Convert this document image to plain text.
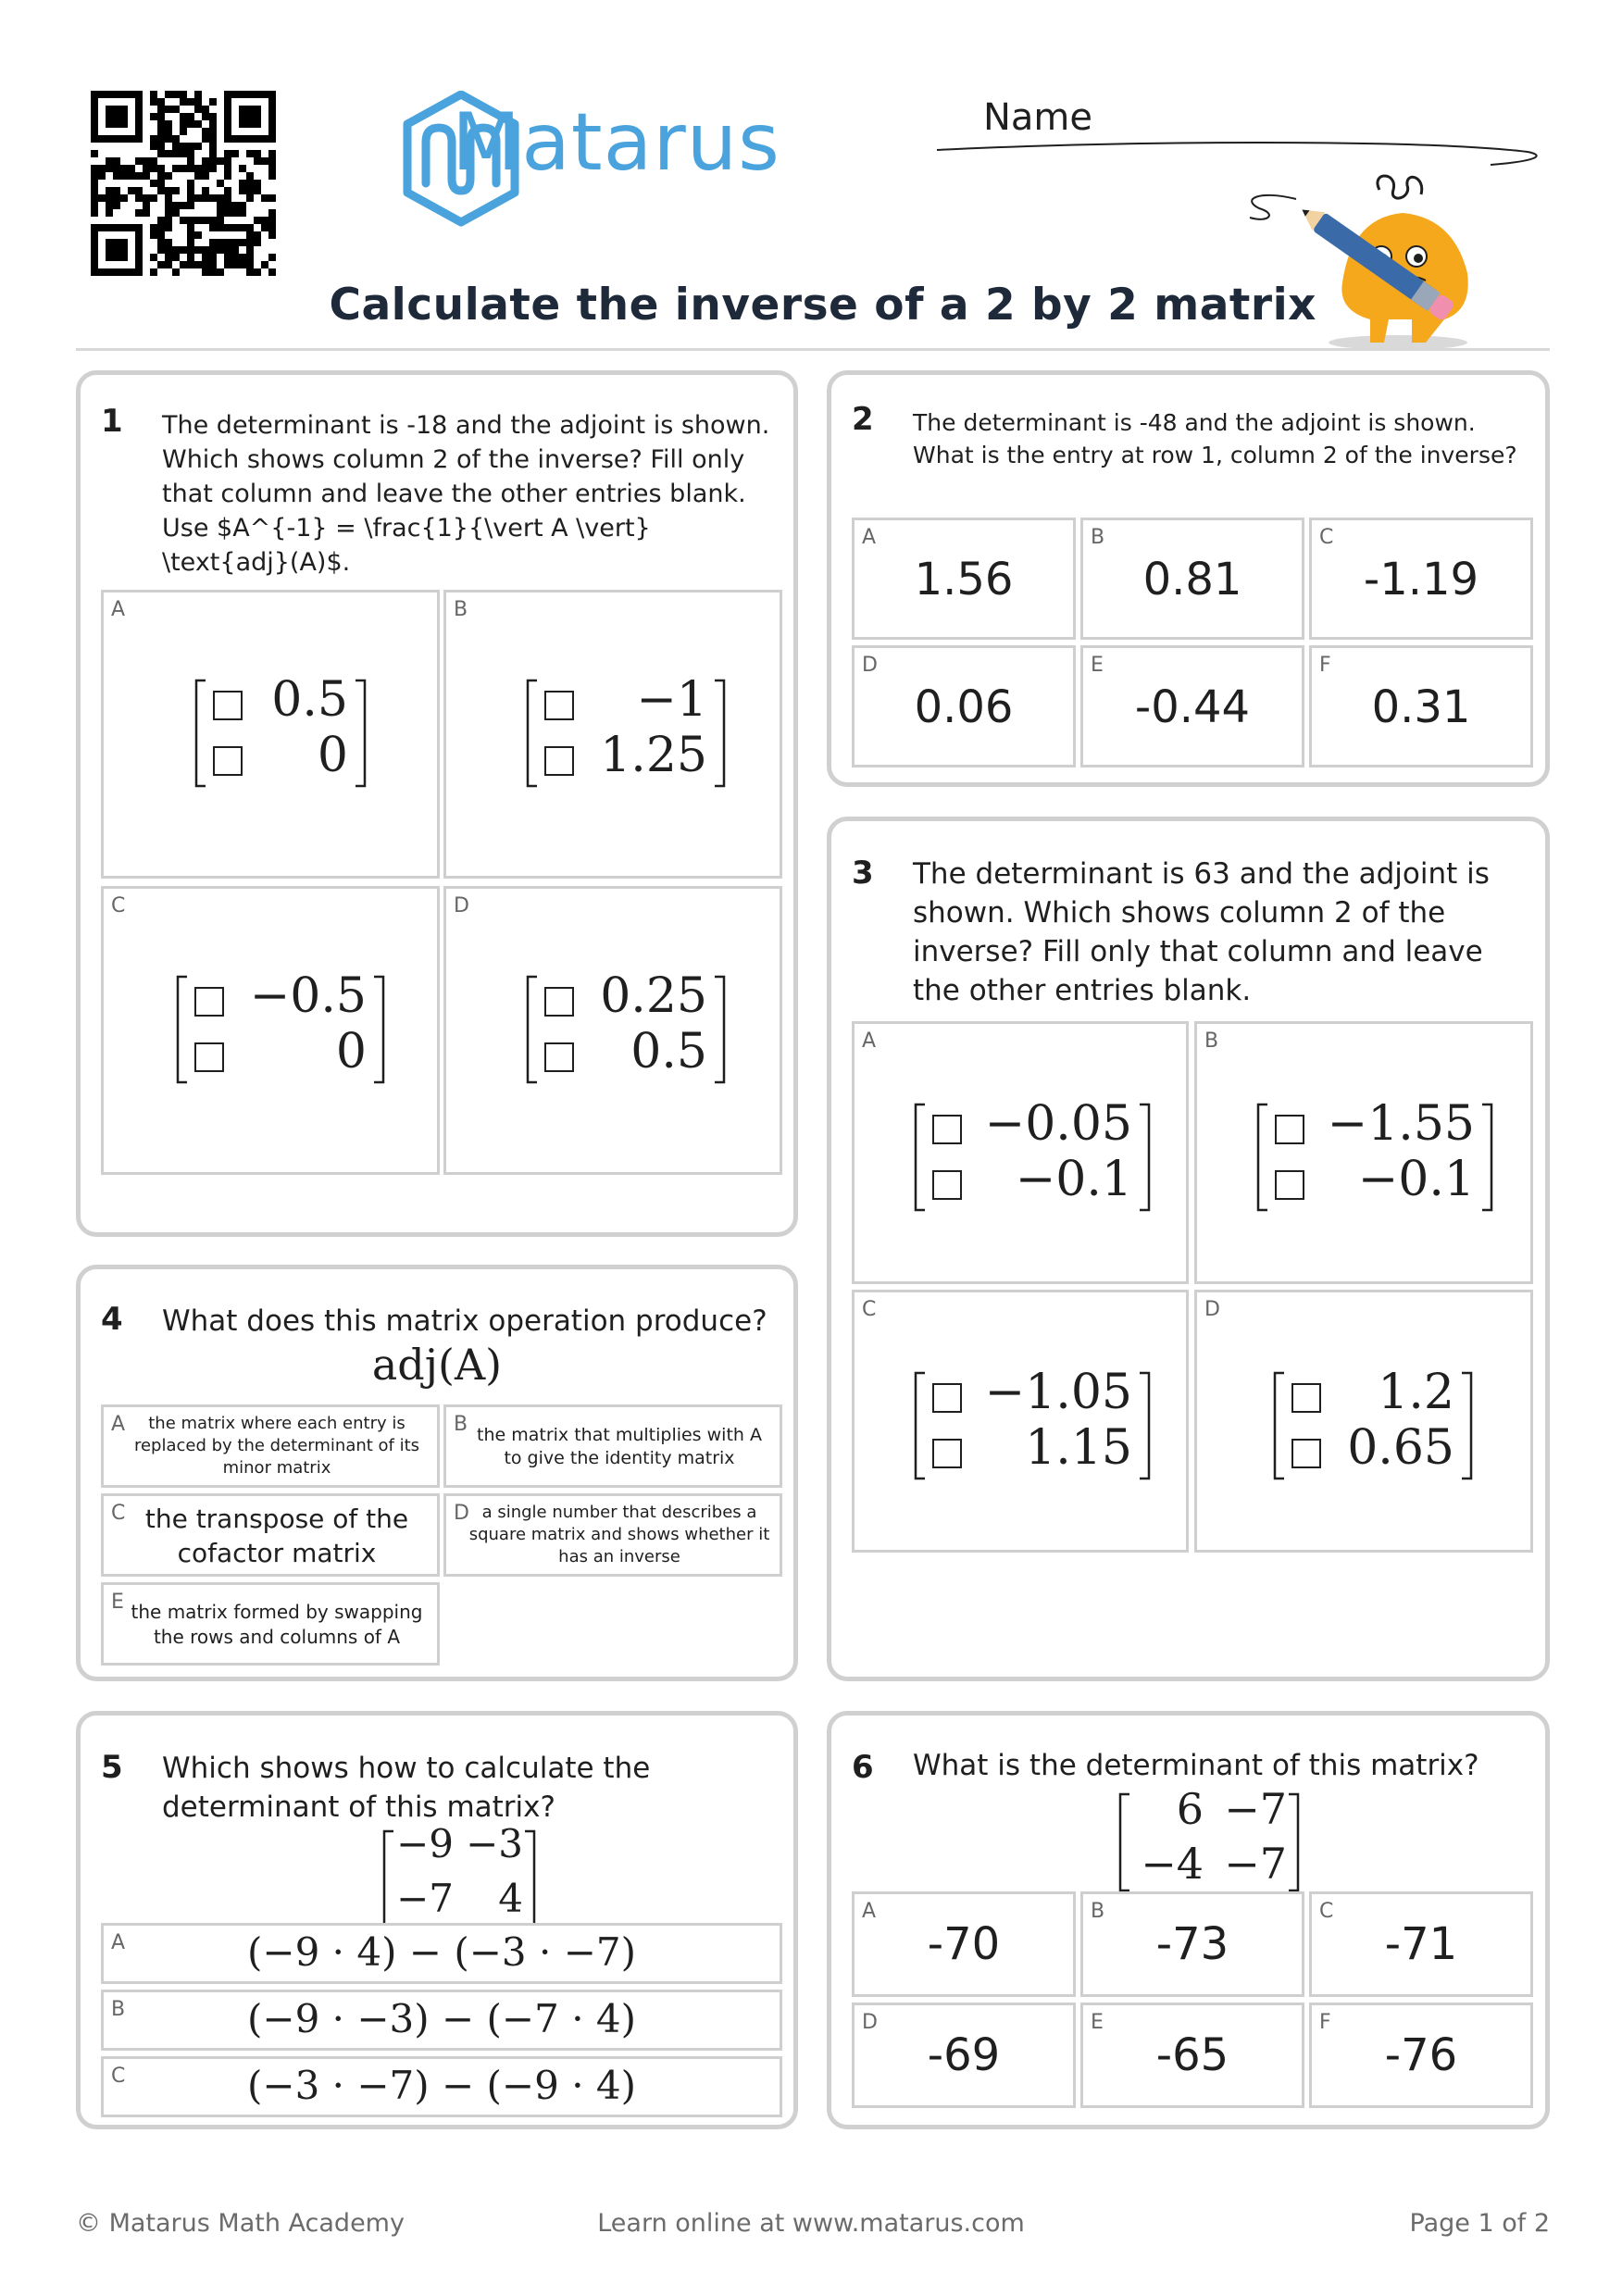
Matarus	Name
Calculate the inverse of a 2 by 2 matrix
1 The determinant is -18 and the adjoint is shown. Which shows column 2 of the inverse? Fill only that column and leave the other entries blank. Use $A^{-1} = \frac{1}{\vert A \vert} \text{adj}(A)$.
A
0.5
0
B
−1
1.25
C
−0.5
0
D
0.25
0.5
2 The determinant is -48 and the adjoint is shown. What is the entry at row 1, column 2 of the inverse?
A
1.56
B
0.81
C
-1.19
D
0.06
E
-0.44
F
0.31
3 The determinant is 63 and the adjoint is shown. Which shows column 2 of the inverse? Fill only that column and leave the other entries blank.
A
−0.05
−0.1
B
−1.55
−0.1
C
−1.05
1.15
D
1.2
0.65
4 What does this matrix operation produce?
adj(A)
A	the matrix where each entry is replaced by the determinant of its minor matrix
B the matrix that multiplies with A to give the identity matrix
C the transpose of the cofactor matrix
D a single number that describes a square matrix and shows whether it has an inverse
E the matrix formed by swapping the rows and columns of A
5 Which shows how to calculate the determinant of this matrix?
−9 −3
−7 4
A	(−9 · 4) − (−3 · −7)
B	(−9 · −3) − (−7 · 4)
C	(−3 · −7) − (−9 · 4)
6 What is the determinant of this matrix?
6 −7
−4 −7
A
-70
B
-73
C
-71
D
-69
E
-65
F
-76
© Matarus Math Academy	Learn online at www.matarus.com	Page 1 of 2
